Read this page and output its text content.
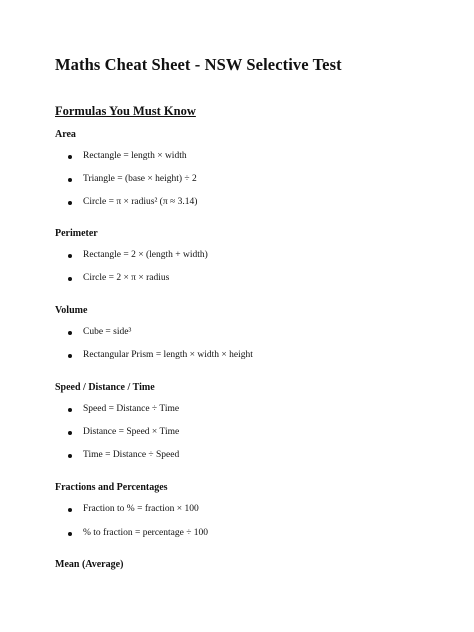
Maths Cheat Sheet - NSW Selective Test
Formulas You Must Know
Area
Rectangle = length × width
Triangle = (base × height) ÷ 2
Circle = π × radius² (π ≈ 3.14)
Perimeter
Rectangle = 2 × (length + width)
Circle = 2 × π × radius
Volume
Cube = side³
Rectangular Prism = length × width × height
Speed / Distance / Time
Speed = Distance ÷ Time
Distance = Speed × Time
Time = Distance ÷ Speed
Fractions and Percentages
Fraction to % = fraction × 100
% to fraction = percentage ÷ 100
Mean (Average)
